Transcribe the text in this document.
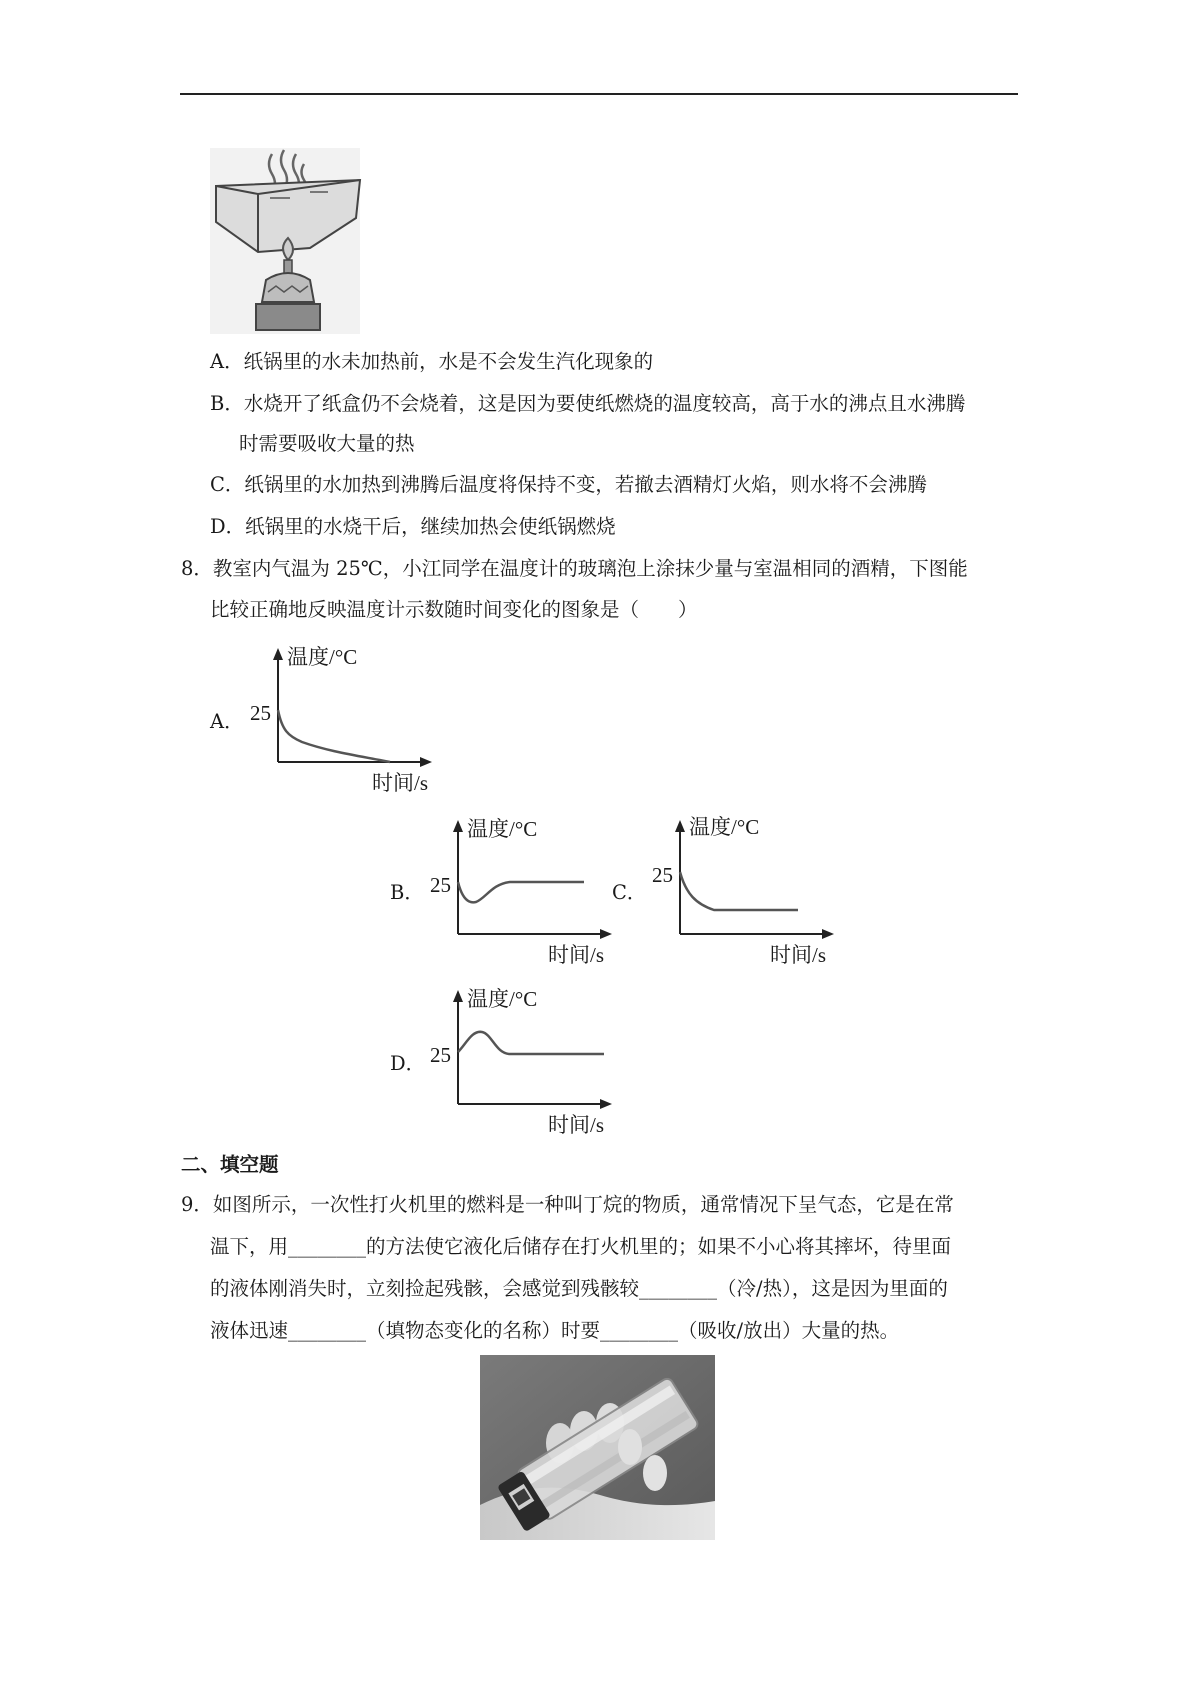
A．纸锅里的水未加热前，水是不会发生汽化现象的
B．水烧开了纸盒仍不会烧着，这是因为要使纸燃烧的温度较高，高于水的沸点且水沸腾
时需要吸收大量的热
C．纸锅里的水加热到沸腾后温度将保持不变，若撤去酒精灯火焰，则水将不会沸腾
D．纸锅里的水烧干后，继续加热会使纸锅燃烧
8．教室内气温为 25℃，小江同学在温度计的玻璃泡上涂抹少量与室温相同的酒精，下图能
比较正确地反映温度计示数随时间变化的图象是（　　）
A．
温度/°C
25
时间/s
B．
温度/°C
25
时间/s
C．
温度/°C
25
时间/s
D．
温度/°C
25
时间/s
二、填空题
9．如图所示，一次性打火机里的燃料是一种叫丁烷的物质，通常情况下呈气态，它是在常
温下，用________的方法使它液化后储存在打火机里的；如果不小心将其摔坏，待里面
的液体刚消失时，立刻捡起残骸，会感觉到残骸较________（冷/热），这是因为里面的
液体迅速________（填物态变化的名称）时要________（吸收/放出）大量的热。
